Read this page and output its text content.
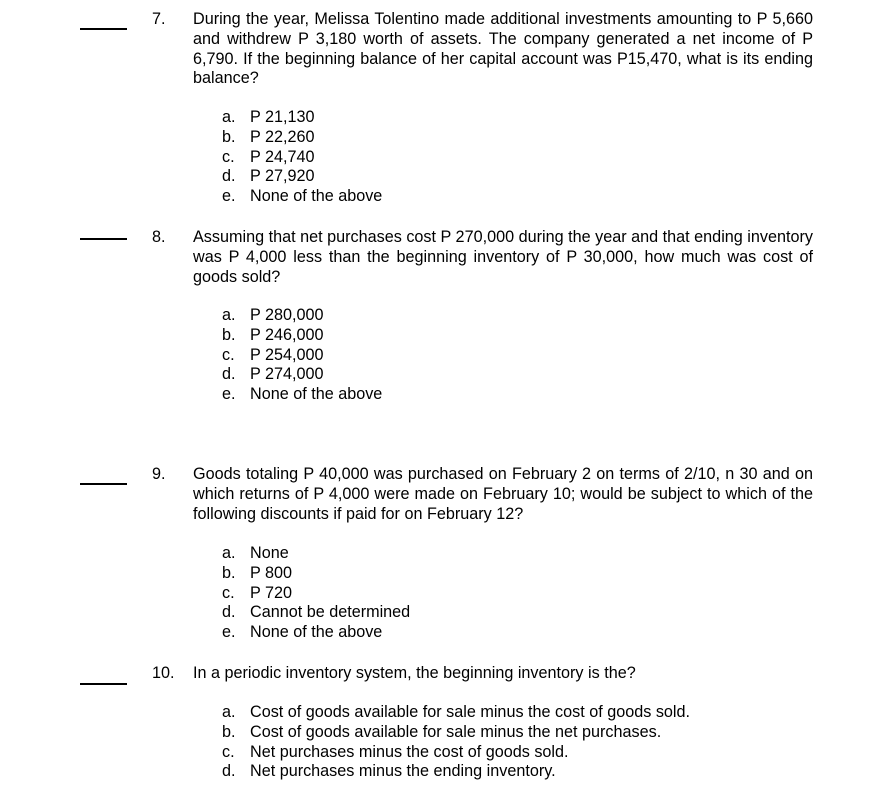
7. During the year, Melissa Tolentino made additional investments amounting to P 5,660 and withdrew P 3,180 worth of assets. The company generated a net income of P 6,790. If the beginning balance of her capital account was P15,470, what is its ending balance?
a. P 21,130
b. P 22,260
c. P 24,740
d. P 27,920
e. None of the above
8. Assuming that net purchases cost P 270,000 during the year and that ending inventory was P 4,000 less than the beginning inventory of P 30,000, how much was cost of goods sold?
a. P 280,000
b. P 246,000
c. P 254,000
d. P 274,000
e. None of the above
9. Goods totaling P 40,000 was purchased on February 2 on terms of 2/10, n 30 and on which returns of P 4,000 were made on February 10; would be subject to which of the following discounts if paid for on February 12?
a. None
b. P 800
c. P 720
d. Cannot be determined
e. None of the above
10. In a periodic inventory system, the beginning inventory is the?
a. Cost of goods available for sale minus the cost of goods sold.
b. Cost of goods available for sale minus the net purchases.
c. Net purchases minus the cost of goods sold.
d. Net purchases minus the ending inventory.
